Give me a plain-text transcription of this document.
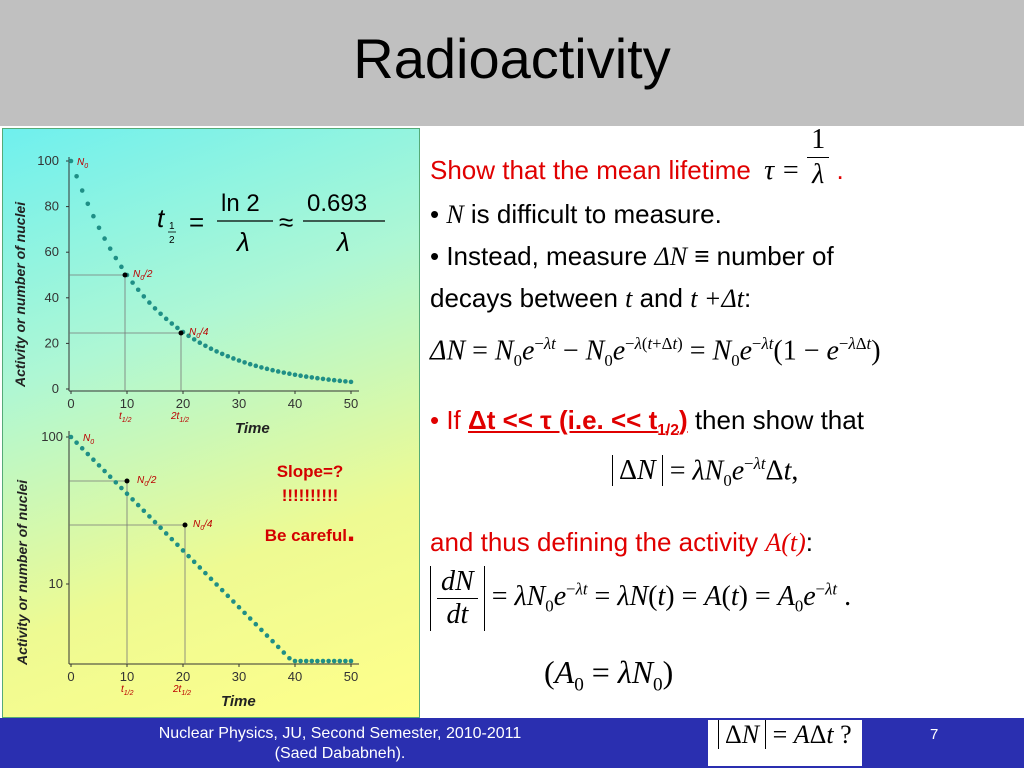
Radioactivity
100
80
60
40
20
0
0	10	20	30	40	50
$N_0$
$N_0/2$
$N_0/4$
$t_{1/2}$	$2t_{1/2}$	Time
Activity or number of nuclei	t 1
2
=
ln 2
λ
≈
0.693
λ
100
10
0	10	20	30	40	50
$N_0$
$N_0/2$
$N_0/4$
$t_{1/2}$	$2t_{1/2}$ Time
Activity or number of nuclei
Slope=?
!!!!!!!!!!
Be careful.
Show that the mean lifetime $\tau = \frac{1}{\lambda}$ .
• N is difficult to measure.
• Instead, measure ΔN ≡ number of
decays between t and t +Δt:
• If Δt << τ (i.e. << $t_{1/2}$) then show that
and thus defining the activity A(t):
$\Delta N = N_0e^{-\lambda t} - N_0e^{-\lambda(t+\Delta t)} = N_0e^{-\lambda t}(1 - e^{-\lambda\Delta t})$
$\Delta N = \lambda N_0e^{-\lambda t}\Delta t$,
$\frac{dN}{dt} = \lambda N_0e^{-\lambda t} = \lambda N(t) = A(t) = A_0e^{-\lambda t}$ .
$(A_0 = \lambda N_0)$
Nuclear Physics, JU, Second Semester, 2010-2011
(Saed Dababneh).
ΔN = AΔt ?	7
